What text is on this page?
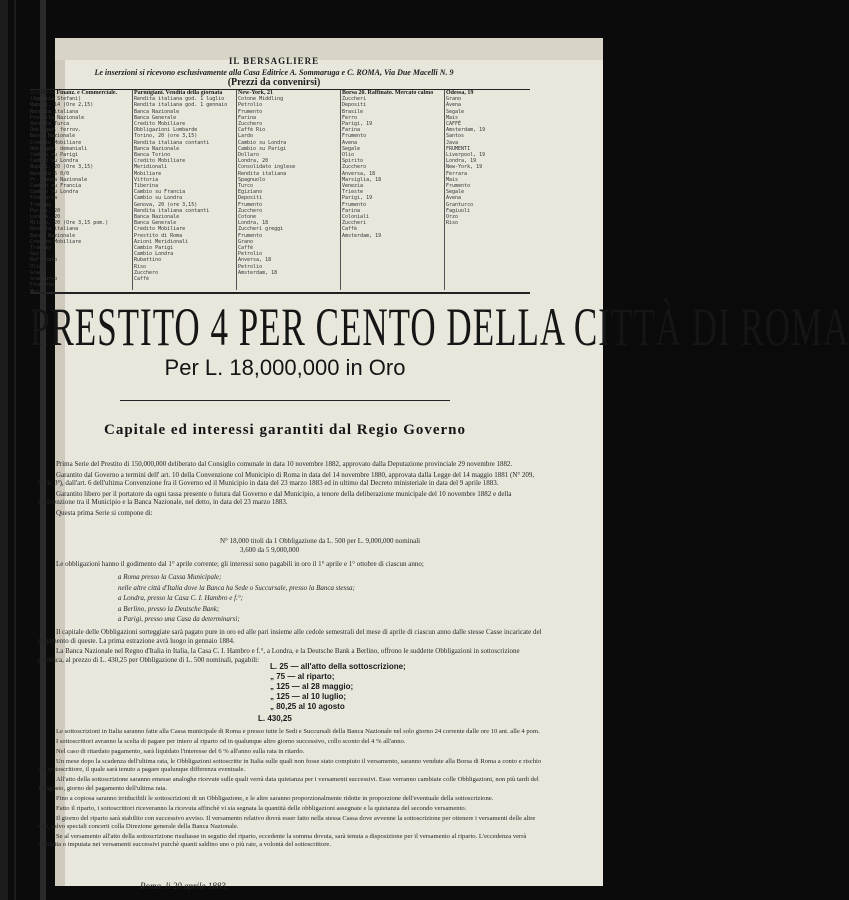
IL BERSAGLIERE
Le inserzioni si ricevono esclusivamente alla Casa Editrice A. Sommaruga e C. ROMA, Via Due Macelli N. 9
(Prezzi da convenirsi)
Bollettino Finanz. e Commerciale.
(Agenzia Stefani)
Napoli, 14 (Ore 2,15)
Rendita italiana
Prestito Nazionale
Rendita Turca
Obbligaz. ferrov.
Banca Nazionale
Credito Mobiliare
Obbligaz. demaniali
Cambio su Parigi
Cambio su Londra
Napoli, 20 (Ore 3,15)
Rendita 5 0/0
Pr. Banca Nazionale
Cambio su Francia
Cambio su Londra
Fondiaria
Tramway
Parigi, 20
Londra, 20
Milano, 20 (Ore 3,15 pom.)
Rendita italiana
Banca Nazionale
Credito Mobiliare
Tramway
Gaz
Raffinato
Olio
Grano
Granturco
Frumento
Parmigiani. Vendita della giornata
Rendita italiana god. 1 luglio
Rendita italiana god. 1 gennaio
Banca Nazionale
Banca Generale
Credito Mobiliare
Obbligazioni Lombarde
Torino, 20 (ore 3,15)
Rendita italiana contanti
Banca Nazionale
Banca Torino
Credito Mobiliare
Meridionali
Mobiliare
Vittoria
Tiberina
Cambio su Francia
Cambio su Londra
Genova, 20 (ore 3,15)
Rendita italiana contanti
Banca Nazionale
Banca Generale
Credito Mobiliare
Prestito di Roma
Azioni Meridionali
Cambio Parigi
Cambio Londra
Rubattino
Riso
Zucchero
Caffè
New-York, 21
Cotone Middling
Petrolio
Frumento
Farina
Zucchero
Caffè Rio
Lardo
Cambio su Londra
Cambio su Parigi
Dollaro
Londra, 20
Consolidato inglese
Rendita italiana
Spagnuolo
Turco
Egiziano
Depositi
Frumento
Zucchero
Cotone
Londra, 18
Zuccheri greggi
Frumento
Grano
Caffè
Petrolio
Anversa, 18
Petrolio
Amsterdam, 18
Borsa 20. Raffinato. Mercato calmo
Zuccheri
Depositi
Brasile
Ferro
Parigi, 19
Farina
Frumento
Avena
Segale
Olio
Spirito
Zucchero
Anversa, 18
Marsiglia, 18
Venezia
Trieste
Parigi, 19
Frumento
Farina
Coloniali
Zuccheri
Caffè
Amsterdam, 19
Odessa, 19
Grano
Avena
Segale
Mais
CAFFÈ
Amsterdam, 19
Santos
Java
FRUMENTI
Liverpool, 19
Londra, 19
New-York, 19
Ferrara
Mais
Frumento
Segale
Avena
Granturco
Fagiuoli
Orzo
Riso
PRESTITO 4 PER CENTO DELLA CITTÀ DI ROMA
Per L. 18,000,000 in Oro
Capitale ed interessi garantiti dal Regio Governo

Prima Serie del Prestito di 150,000,000 deliberato dal Consiglio comunale in data 10 novembre 1882, approvato dalla Deputazione provinciale 29 novembre 1882.

Garantito dal Governo a termini dell' art. 10 della Convenzione col Municipio di Roma in data del 14 novembre 1880, approvata dalla Legge del 14 maggio 1881 (N° 209, Serie 3ª), dall'art. 6 dell'ultima Convenzione fra il Governo ed il Municipio in data del 23 marzo 1883 ed in ultimo dal Decreto ministeriale in data del 9 aprile 1883.

Garantito libero per il portatore da ogni tassa presente o futura dal Governo e dal Municipio, a tenore della deliberazione municipale del 10 novembre 1882 e della Convenzione tra il Municipio e la Banca Nazionale, nel detto, in data del 23 marzo 1883.

Questa prima Serie si compone di:

N° 18,000 titoli da 1 Obbligazione da L. 500 per L. 9,000,000 nominali
3,600 da 5 9,000,000

Le obbligazioni hanno il godimento dal 1° aprile corrente; gli interessi sono pagabili in oro il 1° aprile e 1° ottobre di ciascun anno;

a Roma presso la Cassa Municipale;
nelle altre città d'Italia dove la Banca ha Sede o Succursale, presso la Banca stessa;
a Londra, presso la Casa C. I. Hambro e f.°;
a Berlino, presso la Deutsche Bank;
a Parigi, presso una Casa da determinarsi;

Il capitale delle Obbligazioni sorteggiate sarà pagato pure in oro ed alle pari insieme alle cedole semestrali del mese di aprile di ciascun anno dalle stesse Casse incaricate del pagamento di queste. La prima estrazione avrà luogo in gennaio 1884.

La Banca Nazionale nel Regno d'Italia in Italia, la Casa C. I. Hambro e f.°, a Londra, e la Deutsche Bank a Berlino, offrono le suddette Obbligazioni in sottoscrizione pubblica, al prezzo di L. 430,25 per Obbligazione di L. 500 nominali, pagabili:

L. 25 — all'atto della sottoscrizione;
„ 75 — al riparto;
„ 125 — al 28 maggio;
„ 125 — al 10 luglio;
„ 80,25 al 10 agosto
L. 430,25

Le sottoscrizioni in Italia saranno fatte alla Cassa municipale di Roma e presso tutte le Sedi e Succursali della Banca Nazionale nel solo giorno 24 corrente dalle ore 10 ant. alle 4 pom.

I sottoscrittori avranno la scelta di pagare per intero al riparto od in qualunque altro giorno successivo, collo sconto del 4 % all'anno.

Nel caso di ritardato pagamento, sarà liquidato l'interesse del 6 % all'anno sulla rata in ritardo.

Un mese dopo la scadenza dell'ultima rata, le Obbligazioni sottoscritte in Italia sulle quali non fosse stato compiuto il versamento, saranno vendute alla Borsa di Roma a conto e rischio del sottoscrittore, il quale sarà tenuto a pagare qualunque differenza eventuale.

All'atto della sottoscrizione saranno emesse analoghe ricevute sulle quali verrà data quietanza per i versamenti successivi. Esse verranno cambiate colle Obbligazioni, non più tardi del 10 agosto, giorno del pagamento dell'ultima rata.

Fino a copiosa saranno irriducibili le sottoscrizioni di un Obbligazione, e le altre saranno proporzionalmente ridotte in proporzione dell'eventuale della sottoscrizione.

Fatto il riparto, i sottoscrittori riceveranno la ricevuta affinchè vi sia segnata la quantità delle obbligazioni assegnate e la quietanza del secondo versamento.

Il giorno del riparto sarà stabilito con successivo avviso. Il versamento relativo dovrà esser fatto nella stessa Cassa dove avvenne la sottoscrizione per ottenere i versamenti delle altre rate, salvo speciali concerti colla Direzione generale della Banca Nazionale.

Se al versamento all'atto della sottoscrizione risultasse in seguito del riparto, eccedente la somma dovuta, sarà tenuta a disposizione per il versamento al riparto. L'eccedenza verrà restituita o imputata nei versamenti successivi purchè quanti saldino uno o più rate, a volontà del sottoscrittore.

Roma, li 20 aprile 1883.
